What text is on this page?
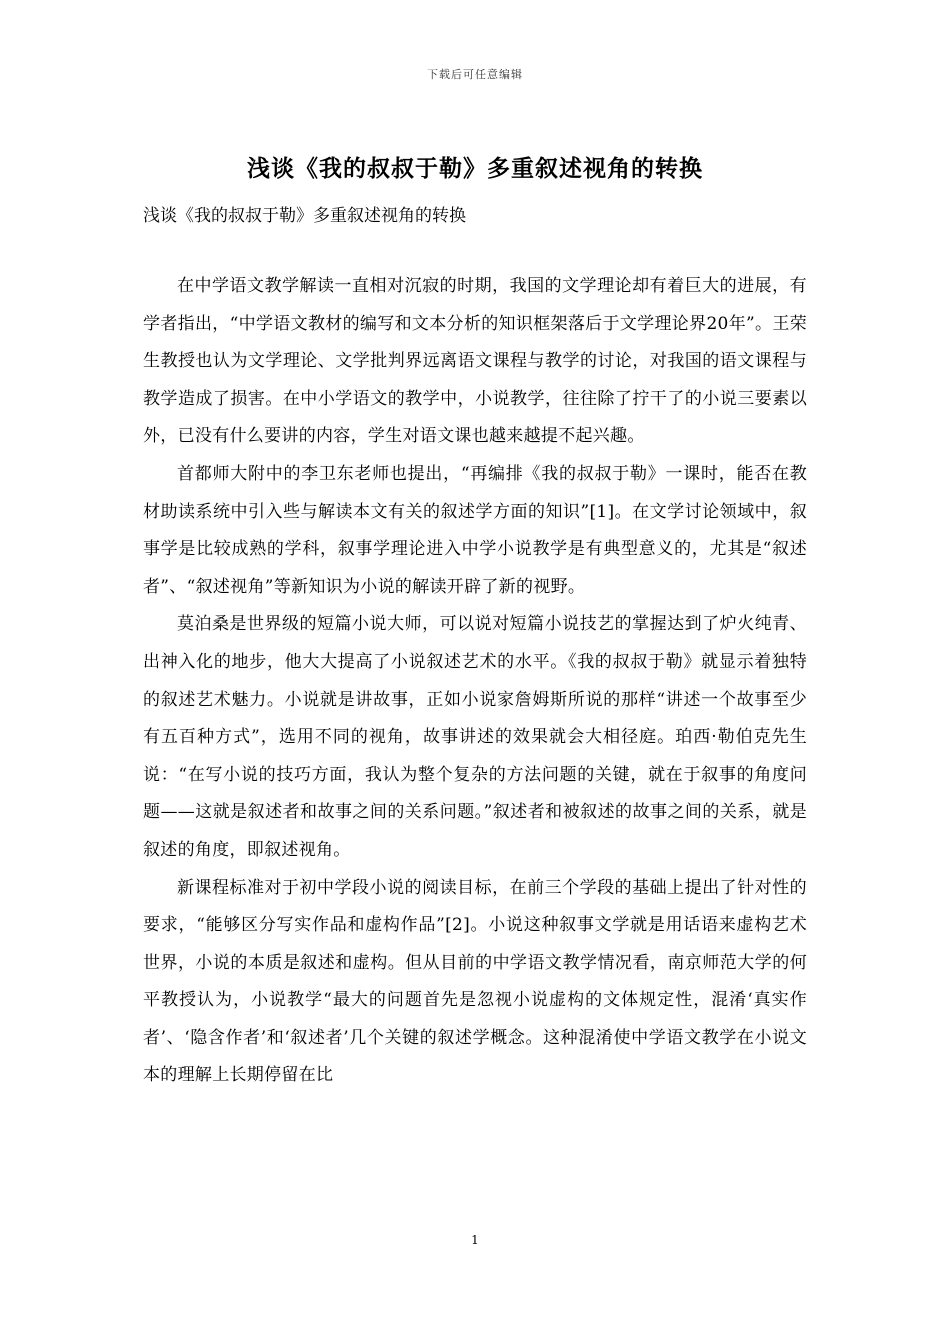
下载后可任意编辑
浅谈《我的叔叔于勒》多重叙述视角的转换

浅谈《我的叔叔于勒》多重叙述视角的转换

在中学语文教学解读一直相对沉寂的时期，我国的文学理论却有着巨大的进展，有学者指出，“中学语文教材的编写和文本分析的知识框架落后于文学理论界20年”。王荣生教授也认为文学理论、文学批判界远离语文课程与教学的讨论，对我国的语文课程与教学造成了损害。在中小学语文的教学中，小说教学，往往除了拧干了的小说三要素以外，已没有什么要讲的内容，学生对语文课也越来越提不起兴趣。

首都师大附中的李卫东老师也提出，“再编排《我的叔叔于勒》一课时，能否在教材助读系统中引入些与解读本文有关的叙述学方面的知识”[1]。在文学讨论领域中，叙事学是比较成熟的学科，叙事学理论进入中学小说教学是有典型意义的，尤其是“叙述者”、“叙述视角”等新知识为小说的解读开辟了新的视野。

莫泊桑是世界级的短篇小说大师，可以说对短篇小说技艺的掌握达到了炉火纯青、出神入化的地步，他大大提高了小说叙述艺术的水平。《我的叔叔于勒》就显示着独特的叙述艺术魅力。小说就是讲故事，正如小说家詹姆斯所说的那样“讲述一个故事至少有五百种方式”，选用不同的视角，故事讲述的效果就会大相径庭。珀西·勒伯克先生说：“在写小说的技巧方面，我认为整个复杂的方法问题的关键，就在于叙事的角度问题——这就是叙述者和故事之间的关系问题。”叙述者和被叙述的故事之间的关系，就是叙述的角度，即叙述视角。

新课程标准对于初中学段小说的阅读目标，在前三个学段的基础上提出了针对性的要求，“能够区分写实作品和虚构作品”[2]。小说这种叙事文学就是用话语来虚构艺术世界，小说的本质是叙述和虚构。但从目前的中学语文教学情况看，南京师范大学的何平教授认为，小说教学“最大的问题首先是忽视小说虚构的文体规定性，混淆‘真实作者’、‘隐含作者’和‘叙述者’几个关键的叙述学概念。这种混淆使中学语文教学在小说文本的理解上长期停留在比

1
